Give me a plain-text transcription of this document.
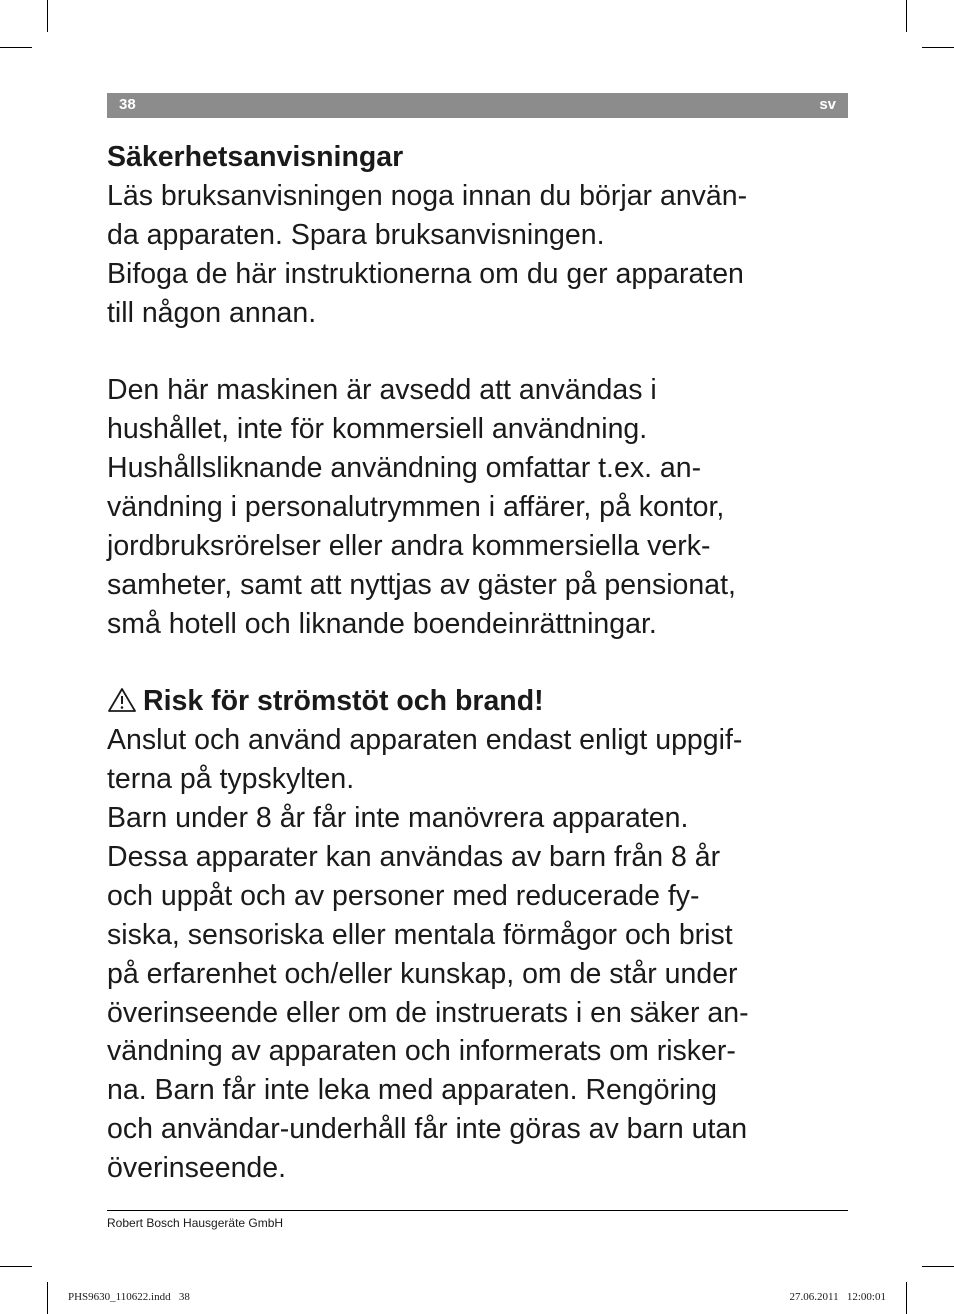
38	sv
Säkerhetsanvisningar
Läs bruksanvisningen noga innan du börjar använ-
da apparaten. Spara bruksanvisningen.
Bifoga de här instruktionerna om du ger apparaten
till någon annan.
Den här maskinen är avsedd att användas i
hushållet, inte för kommersiell användning.
Hushållsliknande användning omfattar t.ex. an-
vändning i personalutrymmen i affärer, på kontor,
jordbruksrörelser eller andra kommersiella verk-
samheter, samt att nyttjas av gäster på pensionat,
små hotell och liknande boendeinrättningar.
Risk för strömstöt och brand!
Anslut och använd apparaten endast enligt uppgif-
terna på typskylten.
Barn under 8 år får inte manövrera apparaten.
Dessa apparater kan användas av barn från 8 år
och uppåt och av personer med reducerade fy-
siska, sensoriska eller mentala förmågor och brist
på erfarenhet och/eller kunskap, om de står under
överinseende eller om de instruerats i en säker an-
vändning av apparaten och informerats om risker-
na. Barn får inte leka med apparaten. Rengöring
och användar-underhåll får inte göras av barn utan
överinseende.
Robert Bosch Hausgeräte GmbH
PHS9630_110622.indd   38	27.06.2011   12:00:01
